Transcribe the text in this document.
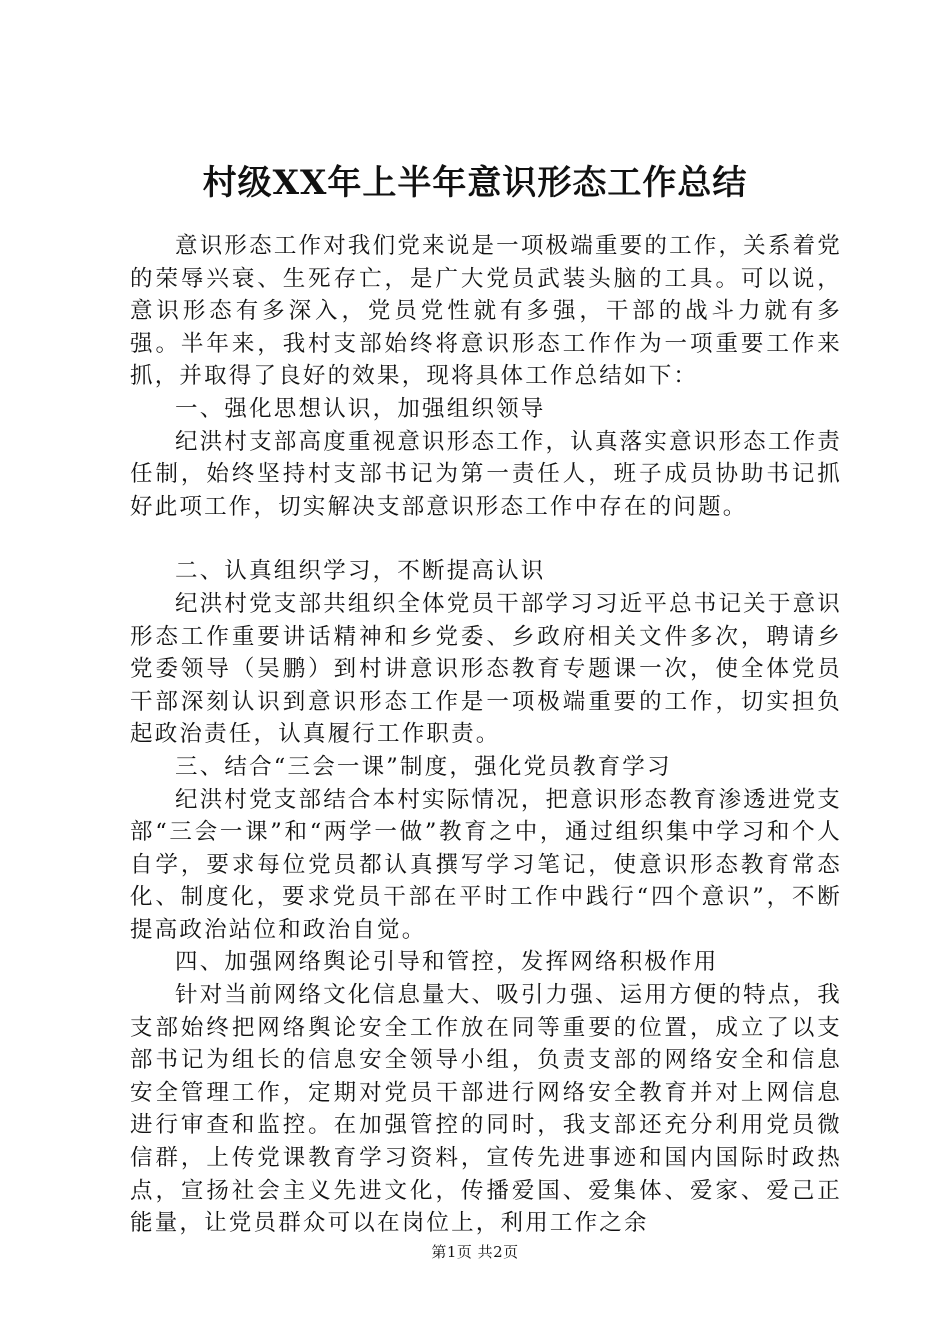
村级XX年上半年意识形态工作总结

意识形态工作对我们党来说是一项极端重要的工作，关系着党的荣辱兴衰、生死存亡，是广大党员武装头脑的工具。可以说，意识形态有多深入，党员党性就有多强，干部的战斗力就有多强。半年来，我村支部始终将意识形态工作作为一项重要工作来抓，并取得了良好的效果，现将具体工作总结如下：

一、强化思想认识，加强组织领导

纪洪村支部高度重视意识形态工作，认真落实意识形态工作责任制，始终坚持村支部书记为第一责任人，班子成员协助书记抓好此项工作，切实解决支部意识形态工作中存在的问题。

二、认真组织学习，不断提高认识

纪洪村党支部共组织全体党员干部学习习近平总书记关于意识形态工作重要讲话精神和乡党委、乡政府相关文件多次，聘请乡党委领导（吴鹏）到村讲意识形态教育专题课一次，使全体党员干部深刻认识到意识形态工作是一项极端重要的工作，切实担负起政治责任，认真履行工作职责。

三、结合“三会一课”制度，强化党员教育学习

纪洪村党支部结合本村实际情况，把意识形态教育渗透进党支部“三会一课”和“两学一做”教育之中，通过组织集中学习和个人自学，要求每位党员都认真撰写学习笔记，使意识形态教育常态化、制度化，要求党员干部在平时工作中践行“四个意识”，不断提高政治站位和政治自觉。

四、加强网络舆论引导和管控，发挥网络积极作用

针对当前网络文化信息量大、吸引力强、运用方便的特点，我支部始终把网络舆论安全工作放在同等重要的位置，成立了以支部书记为组长的信息安全领导小组，负责支部的网络安全和信息安全管理工作，定期对党员干部进行网络安全教育并对上网信息进行审查和监控。在加强管控的同时，我支部还充分利用党员微信群，上传党课教育学习资料，宣传先进事迹和国内国际时政热点，宣扬社会主义先进文化，传播爱国、爱集体、爱家、爱己正能量，让党员群众可以在岗位上，利用工作之余

第1页 共2页
